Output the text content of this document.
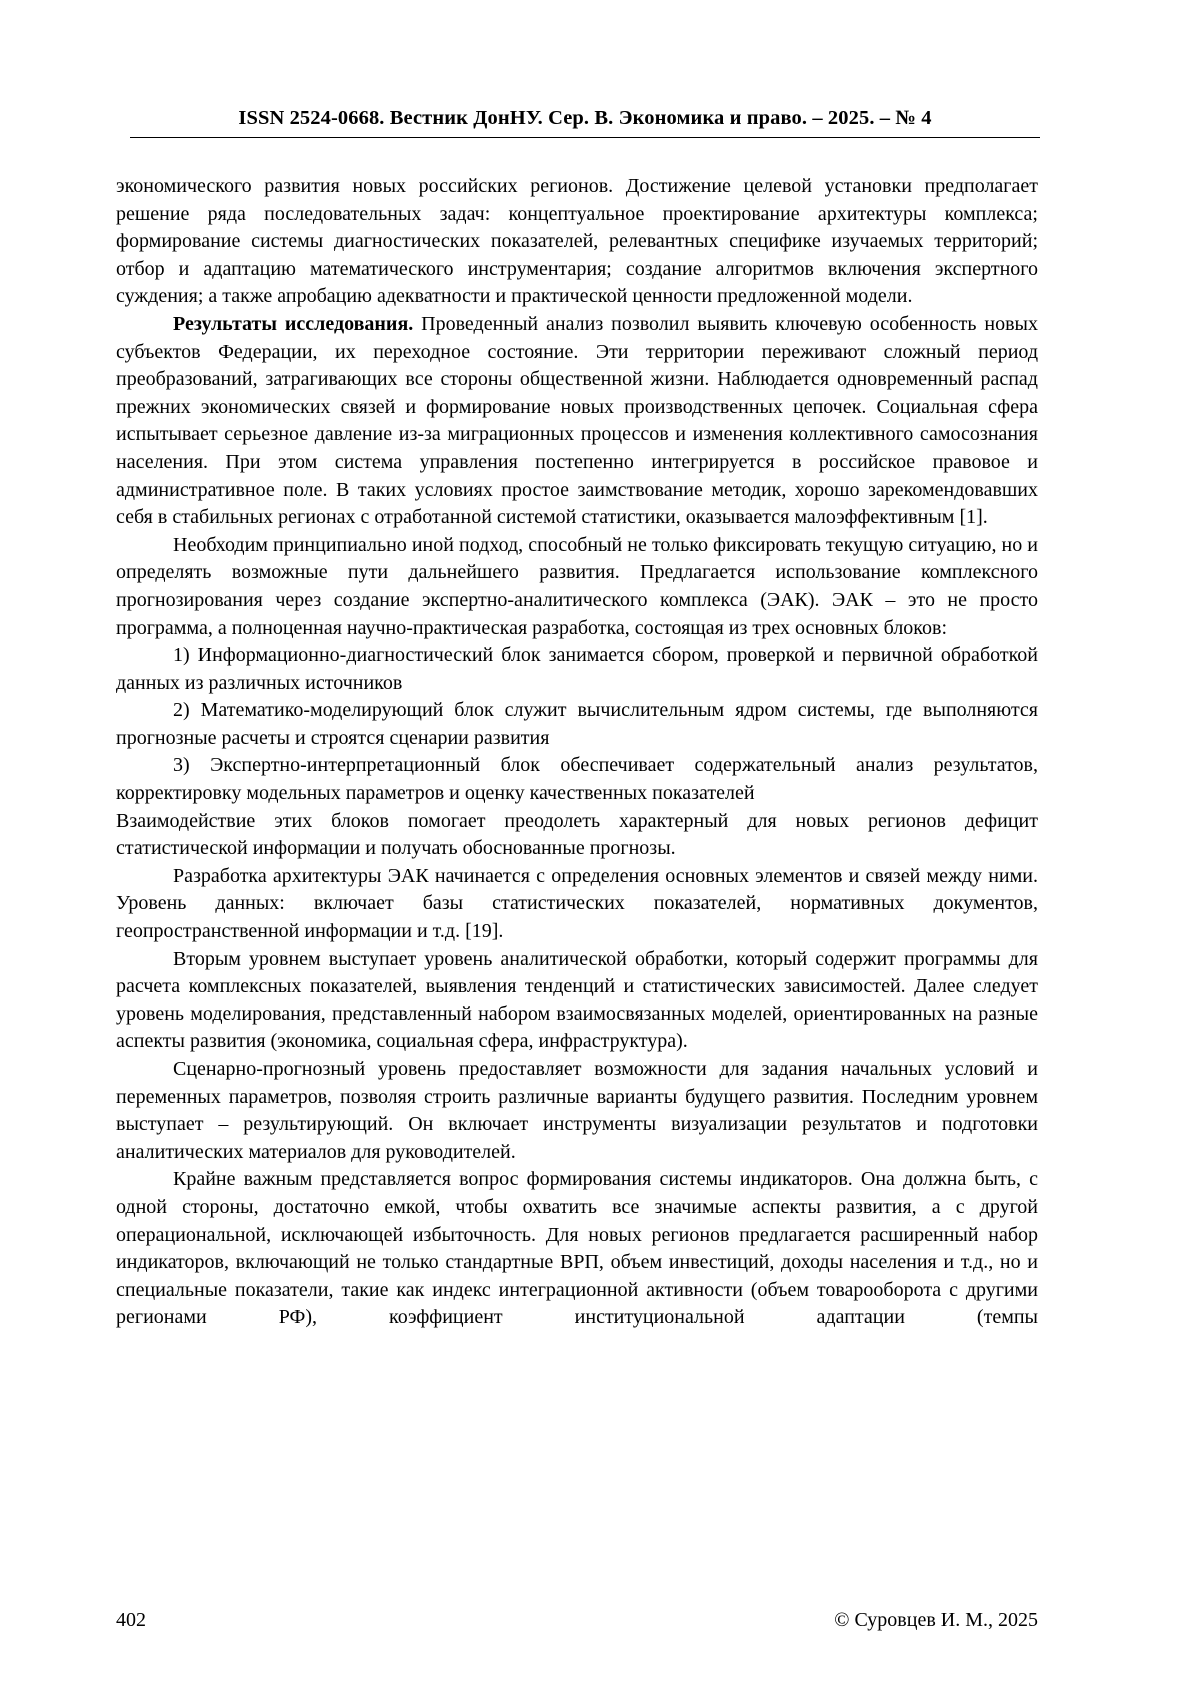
ISSN 2524-0668. Вестник ДонНУ. Сер. В. Экономика и право. – 2025. – № 4

экономического развития новых российских регионов. Достижение целевой установки предполагает решение ряда последовательных задач: концептуальное проектирование архитектуры комплекса; формирование системы диагностических показателей, релевантных специфике изучаемых территорий; отбор и адаптацию математического инструментария; создание алгоритмов включения экспертного суждения; а также апробацию адекватности и практической ценности предложенной модели.

Результаты исследования. Проведенный анализ позволил выявить ключевую особенность новых субъектов Федерации, их переходное состояние. Эти территории переживают сложный период преобразований, затрагивающих все стороны общественной жизни. Наблюдается одновременный распад прежних экономических связей и формирование новых производственных цепочек. Социальная сфера испытывает серьезное давление из-за миграционных процессов и изменения коллективного самосознания населения. При этом система управления постепенно интегрируется в российское правовое и административное поле. В таких условиях простое заимствование методик, хорошо зарекомендовавших себя в стабильных регионах с отработанной системой статистики, оказывается малоэффективным [1].

Необходим принципиально иной подход, способный не только фиксировать текущую ситуацию, но и определять возможные пути дальнейшего развития. Предлагается использование комплексного прогнозирования через создание экспертно-аналитического комплекса (ЭАК). ЭАК – это не просто программа, а полноценная научно-практическая разработка, состоящая из трех основных блоков:

1) Информационно-диагностический блок занимается сбором, проверкой и первичной обработкой данных из различных источников

2) Математико-моделирующий блок служит вычислительным ядром системы, где выполняются прогнозные расчеты и строятся сценарии развития

3) Экспертно-интерпретационный блок обеспечивает содержательный анализ результатов, корректировку модельных параметров и оценку качественных показателей

Взаимодействие этих блоков помогает преодолеть характерный для новых регионов дефицит статистической информации и получать обоснованные прогнозы.

Разработка архитектуры ЭАК начинается с определения основных элементов и связей между ними. Уровень данных: включает базы статистических показателей, нормативных документов, геопространственной информации и т.д. [19].

Вторым уровнем выступает уровень аналитической обработки, который содержит программы для расчета комплексных показателей, выявления тенденций и статистических зависимостей. Далее следует уровень моделирования, представленный набором взаимосвязанных моделей, ориентированных на разные аспекты развития (экономика, социальная сфера, инфраструктура).

Сценарно-прогнозный уровень предоставляет возможности для задания начальных условий и переменных параметров, позволяя строить различные варианты будущего развития. Последним уровнем выступает – результирующий. Он включает инструменты визуализации результатов и подготовки аналитических материалов для руководителей.

Крайне важным представляется вопрос формирования системы индикаторов. Она должна быть, с одной стороны, достаточно емкой, чтобы охватить все значимые аспекты развития, а с другой операциональной, исключающей избыточность. Для новых регионов предлагается расширенный набор индикаторов, включающий не только стандартные ВРП, объем инвестиций, доходы населения и т.д., но и специальные показатели, такие как индекс интеграционной активности (объем товарооборота с другими регионами РФ), коэффициент институциональной адаптации (темпы

402	© Суровцев И. М., 2025
